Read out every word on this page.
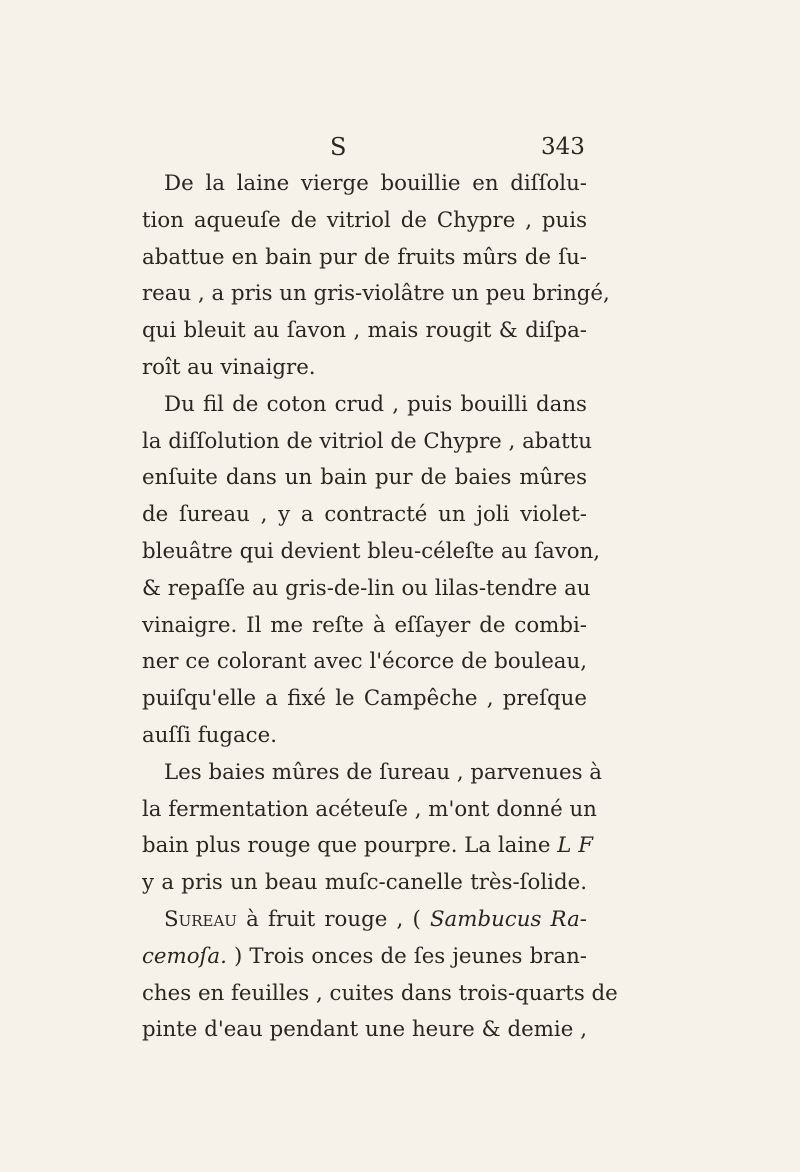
S	343
De la laine vierge bouillie en diſſolu-
tion aqueuſe de vitriol de Chypre , puis
abattue en bain pur de fruits mûrs de ſu-
reau , a pris un gris-violâtre un peu bringé,
qui bleuit au ſavon , mais rougit & diſpa-
roît au vinaigre.
Du fil de coton crud , puis bouilli dans
la diſſolution de vitriol de Chypre , abattu
enſuite dans un bain pur de baies mûres
de ſureau , y a contracté un joli violet-
bleuâtre qui devient bleu-céleſte au ſavon,
& repaſſe au gris-de-lin ou lilas-tendre au
vinaigre. Il me reſte à eſſayer de combi-
ner ce colorant avec l'écorce de bouleau,
puiſqu'elle a fixé le Campêche , preſque
auſſi fugace.
Les baies mûres de ſureau , parvenues à
la fermentation acéteuſe , m'ont donné un
bain plus rouge que pourpre. La laine L F
y a pris un beau muſc-canelle très-ſolide.
Sureau à fruit rouge , ( Sambucus Ra-
cemoſa. ) Trois onces de ſes jeunes bran-
ches en feuilles , cuites dans trois-quarts de
pinte d'eau pendant une heure & demie ,
